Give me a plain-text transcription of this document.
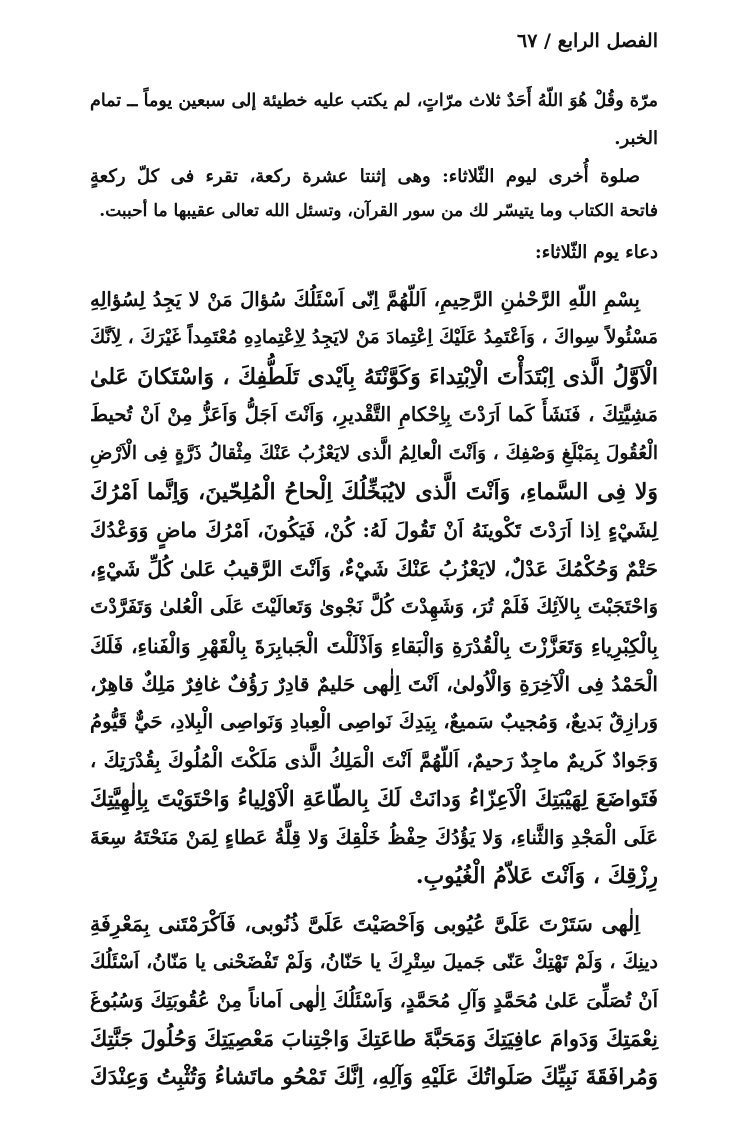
الفصل الرابع / ٦٧
مرّة وقُلْ هُوَ اللّهُ أَحَدٌ ثلاث مرّاتٍ، لم يكتب عليه خطيئة إلى سبعين يوماً ــ تمام
الخبر.
صلوة أُخرى ليوم الثّلاثاء: وهى إثنتا عشرة ركعة، تقرء فى كلّ ركعةٍ
فاتحة الكتاب وما يتيسّر لك من سور القرآن، وتسئل الله تعالى عقيبها ما أحببت.
دعاء يوم الثّلاثاء:
بِسْمِ اللّهِ الرَّحْمٰنِ الرَّحِيمِ، اَللّهُمَّ اِنّى اَسْئَلُكَ سُؤالَ مَنْ لا يَجِدُ لِسُؤالِهِ
مَسْئُولاً سِواكَ ، وَاَعْتَمِدُ عَلَيْكَ اِعْتِمادَ مَنْ لايَجِدُ لِاِعْتِمادِهِ مُعْتَمِداً غَيْرَكَ ، لِاَنَّكَ
الْاَوَّلُ الَّذى اِبْتَدَأْتَ الْاِبْتِداءَ وَكَوَّنْتَهُ بِاَيْدى تَلَطُّفِكَ ، وَاسْتَكانَ عَلىٰ
مَشِيَّتِكَ ، فَنَشَأَ كَما اَرَدْتَ بِاِحْكامِ التَّقْديرِ، وَاَنْتَ اَجَلُّ وَاَعَزُّ مِنْ اَنْ تُحيطَ
الْعُقُولَ بِمَبْلَغِ وَصْفِكَ ، وَاَنْتَ الْعالِمُ الَّذى لايَعْزُبُ عَنْكَ مِثْقالُ ذَرَّةٍ فِى الْاَرْضِ
وَلا فِى السَّماءِ، وَاَنْتَ الَّذى لايُبَخِّلُكَ اِلْحاحُ الْمُلِحّينَ، وَاِنَّما اَمْرُكَ
لِشَيْءٍ اِذا اَرَدْتَ تَكْوينَهُ اَنْ تَقُولَ لَهُ: كُنْ، فَيَكُونَ، اَمْرُكَ ماضٍ وَوَعْدُكَ
حَتْمٌ وَحُكْمُكَ عَدْلٌ، لايَعْزُبُ عَنْكَ شَيْءٌ، وَاَنْتَ الرَّقيبُ عَلىٰ كُلِّ شَيْءٍ،
وَاحْتَجَبْتَ بِالآئِكَ فَلَمْ تُرَ، وَشَهِدْتَ كُلَّ نَجْوىٰ وَتَعالَيْتَ عَلَى الْعُلىٰ وَتَفَرَّدْتَ
بِالْكِبْرِياءِ وَتَعَزَّزْتَ بِالْقُدْرَةِ وَالْبَقاءِ وَاَذْلَلْتَ الْجَبابِرَةَ بِالْقَهْرِ وَالْفَناءِ، فَلَكَ
الْحَمْدُ فِى الْآخِرَةِ وَالْاُولىٰ، اَنْتَ اِلٰهى حَليمٌ قادِرٌ رَؤُفٌ غافِرٌ مَلِكٌ قاهِرٌ،
وَرازِقٌ بَديعٌ، وَمُجيبٌ سَميعٌ، بِيَدِكَ نَواصِى الْعِبادِ وَنَواصِى الْبِلادِ، حَيٌّ قَيُّومُ
وَجَوادٌ كَريمٌ ماجِدٌ رَحيمٌ، اَللّهُمَّ اَنْتَ الْمَلِكُ الَّذى مَلَكْتَ الْمُلُوكَ بِقُدْرَتِكَ ،
فَتَواضَعَ لِهَيْبَتِكَ الْاَعِزّاءُ وَدانَتْ لَكَ بِالطّاعَةِ الْاَوْلِياءُ وَاحْتَوَيْتَ بِاِلٰهِيَّتِكَ
عَلَى الْمَجْدِ وَالثَّناءِ، وَلا يَؤُدُكَ حِفْظُ خَلْقِكَ وَلا قِلَّةُ عَطاءٍ لِمَنْ مَنَحْتَهُ سِعَةَ
رِزْقِكَ ، وَاَنْتَ عَلاّمُ الْغُيُوبِ.
اِلٰهى سَتَرْتَ عَلَىَّ عُيُوبى وَاَحْصَيْتَ عَلَىَّ ذُنُوبى، فَاَكْرَمْتَنى بِمَعْرِفَةِ
دينِكَ ، وَلَمْ تَهْتِكْ عَنّى جَميلَ سِتْرِكَ يا حَنّانُ، وَلَمْ تَفْضَحْنى يا مَنّانُ، اَسْئَلُكَ
اَنْ تُصَلِّىَ عَلىٰ مُحَمَّدٍ وَآلِ مُحَمَّدٍ، وَاَسْئَلُكَ اِلٰهى اَماناً مِنْ عُقُوبَتِكَ وَسُبُوغَ
نِعْمَتِكَ وَدَوامَ عافِيَتِكَ وَمَحَبَّةَ طاعَتِكَ وَاجْتِنابَ مَعْصِيَتِكَ وَحُلُولَ جَنَّتِكَ
وَمُرافَقَةَ نَبِيِّكَ صَلَواتُكَ عَلَيْهِ وَآلِهِ، اِنَّكَ تَمْحُو ماتَشاءُ وَتُثْبِتُ وَعِنْدَكَ
